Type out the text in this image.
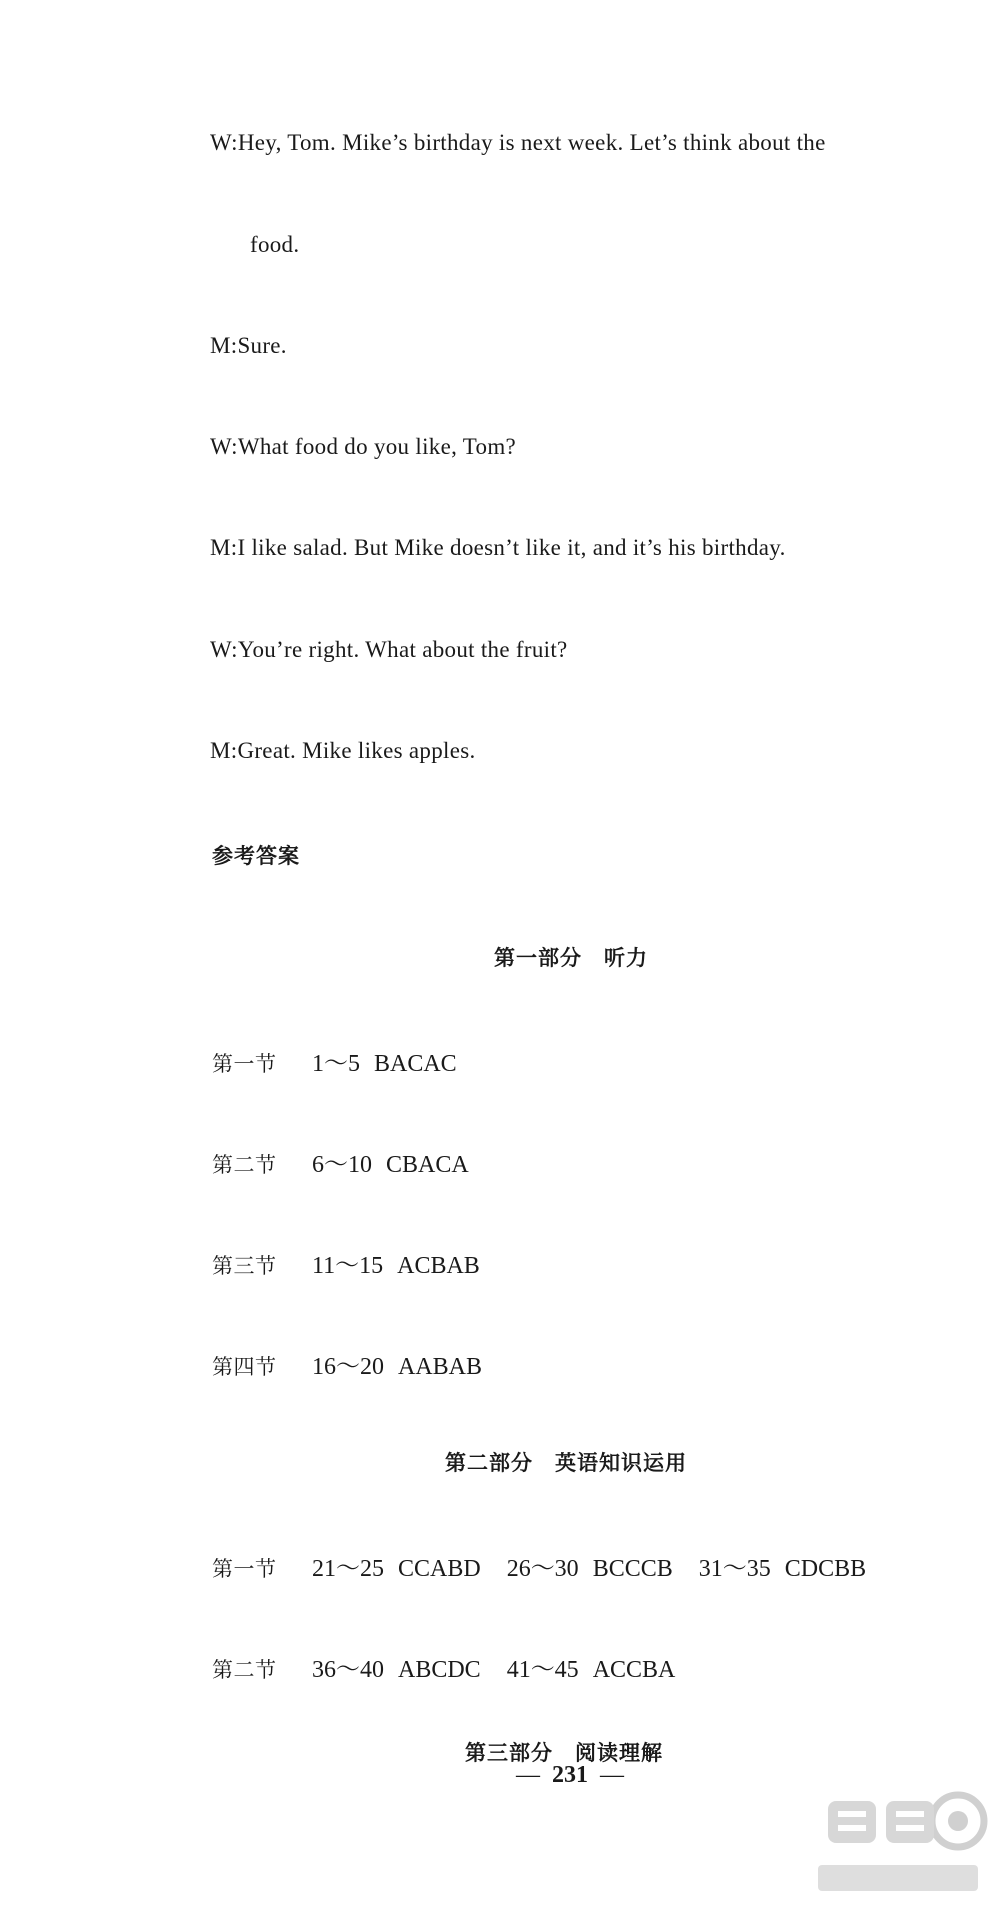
W:Hey, Tom. Mike’s birthday is next week. Let’s think about the
food.
M:Sure.
W:What food do you like, Tom?
M:I like salad. But Mike doesn’t like it, and it’s his birthday.
W:You’re right. What about the fruit?
M:Great. Mike likes apples.
参考答案
第一部分　听力
第一节 1～5 BACAC
第二节 6～10 CBACA
第三节 11～15 ACBAB
第四节 16～20 AABAB
第二部分　英语知识运用
第一节 21～25 CCABD 26～30 BCCCB 31～35 CDCBB
第二节 36～40 ABCDC 41～45 ACCBA
第三部分　阅读理解
— 231 —
